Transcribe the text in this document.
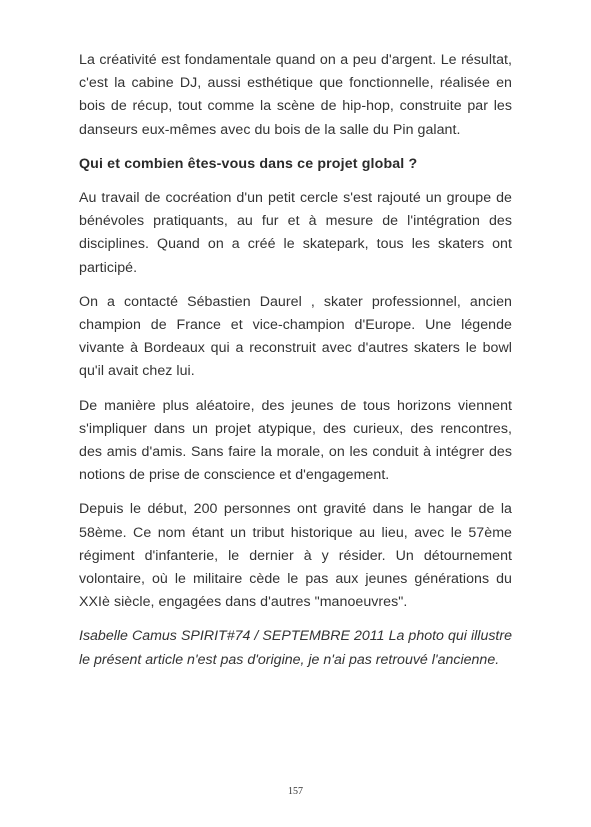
La créativité est fondamentale quand on a peu d'argent. Le résultat, c'est la cabine DJ, aussi esthétique que fonctionnelle, réalisée en bois de récup, tout comme la scène de hip-hop, construite par les danseurs eux-mêmes avec du bois de la salle du Pin galant.

Qui et combien êtes-vous dans ce projet global ?

Au travail de cocréation d'un petit cercle s'est rajouté un groupe de bénévoles pratiquants, au fur et à mesure de l'intégration des disciplines. Quand on a créé le skatepark, tous les skaters ont participé.

On a contacté Sébastien Daurel , skater professionnel, ancien champion de France et vice-champion d'Europe. Une légende vivante à Bordeaux qui a reconstruit avec d'autres skaters le bowl qu'il avait chez lui.

De manière plus aléatoire, des jeunes de tous horizons viennent s'impliquer dans un projet atypique, des curieux, des rencontres, des amis d'amis. Sans faire la morale, on les conduit à intégrer des notions de prise de conscience et d'engagement.

Depuis le début, 200 personnes ont gravité dans le hangar de la 58ème. Ce nom étant un tribut historique au lieu, avec le 57ème régiment d'infanterie, le dernier à y résider. Un détournement volontaire, où le militaire cède le pas aux jeunes générations du XXIè siècle, engagées dans d'autres "manoeuvres".

Isabelle Camus SPIRIT#74 / SEPTEMBRE 2011 La photo qui illustre le présent article n'est pas d'origine, je n'ai pas retrouvé l'ancienne.

157
